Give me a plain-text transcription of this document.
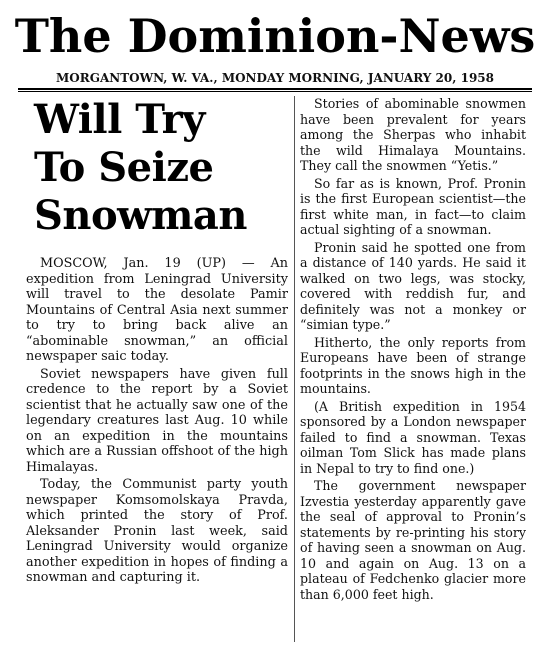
The Dominion-News
MORGANTOWN, W. VA., MONDAY MORNING, JANUARY 20, 1958
Will Try
To Seize
Snowman

MOSCOW, Jan. 19 (UP) — An expedition from Leningrad University will travel to the desolate Pamir Mountains of Central Asia next summer to try to bring back alive an “abominable snowman,” an official newspaper saic today.

Soviet newspapers have given full credence to the report by a Soviet scientist that he actually saw one of the legendary creatures last Aug. 10 while on an expedition in the mountains which are a Russian offshoot of the high Himalayas.

Today, the Communist party youth newspaper Komsomolskaya Pravda, which printed the story of Prof. Aleksander Pronin last week, said Leningrad University would organize another expedition in hopes of finding a snowman and capturing it.

Stories of abominable snowmen have been prevalent for years among the Sherpas who inhabit the wild Himalaya Mountains. They call the snowmen “Yetis.”

So far as is known, Prof. Pronin is the first European scientist—the first white man, in fact—to claim actual sighting of a snowman.

Pronin said he spotted one from a distance of 140 yards. He said it walked on two legs, was stocky, covered with reddish fur, and definitely was not a monkey or “simian type.”

Hitherto, the only reports from Europeans have been of strange footprints in the snows high in the mountains.

(A British expedition in 1954 sponsored by a London newspaper failed to find a snowman. Texas oilman Tom Slick has made plans in Nepal to try to find one.)

The government newspaper Izvestia yesterday apparently gave the seal of approval to Pronin’s statements by re-printing his story of having seen a snowman on Aug. 10 and again on Aug. 13 on a plateau of Fedchenko glacier more than 6,000 feet high.
